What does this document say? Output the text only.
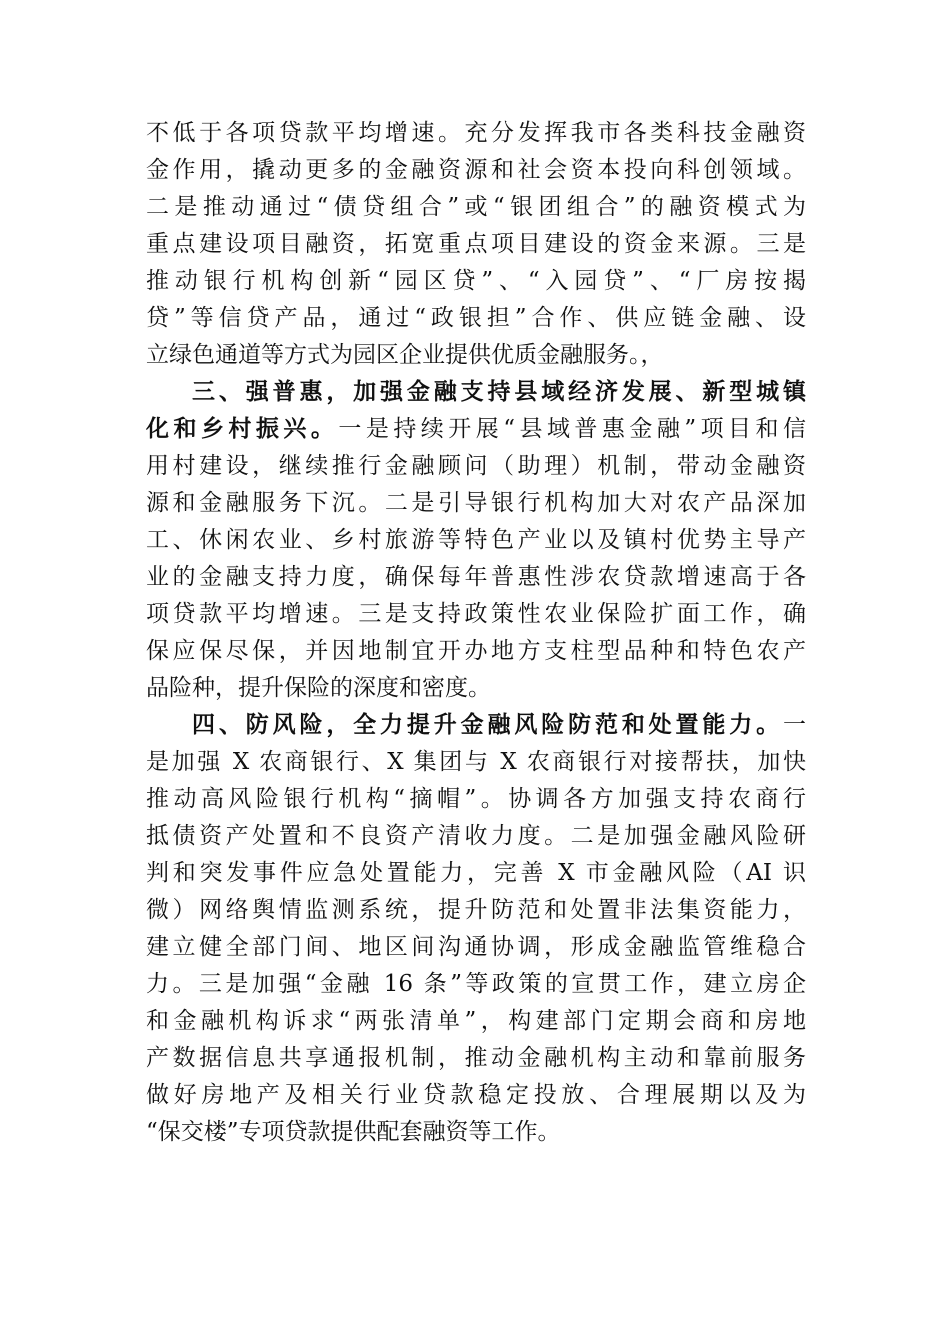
不低于各项贷款平均增速。充分发挥我市各类科技金融资
金作用，撬动更多的金融资源和社会资本投向科创领域。
二是推动通过“债贷组合”或“银团组合”的融资模式为
重点建设项目融资，拓宽重点项目建设的资金来源。三是
推动银行机构创新“园区贷”、“入园贷”、“厂房按揭
贷”等信贷产品，通过“政银担”合作、供应链金融、设
立绿色通道等方式为园区企业提供优质金融服务。，
三、强普惠，加强金融支持县域经济发展、新型城镇
化和乡村振兴。一是持续开展“县域普惠金融”项目和信
用村建设，继续推行金融顾问（助理）机制，带动金融资
源和金融服务下沉。二是引导银行机构加大对农产品深加
工、休闲农业、乡村旅游等特色产业以及镇村优势主导产
业的金融支持力度，确保每年普惠性涉农贷款增速高于各
项贷款平均增速。三是支持政策性农业保险扩面工作，确
保应保尽保，并因地制宜开办地方支柱型品种和特色农产
品险种，提升保险的深度和密度。
四、防风险，全力提升金融风险防范和处置能力。一
是加强 X 农商银行、X 集团与 X 农商银行对接帮扶，加快
推动高风险银行机构“摘帽”。协调各方加强支持农商行
抵债资产处置和不良资产清收力度。二是加强金融风险研
判和突发事件应急处置能力，完善 X 市金融风险（AI 识
微）网络舆情监测系统，提升防范和处置非法集资能力，
建立健全部门间、地区间沟通协调，形成金融监管维稳合
力。三是加强“金融 16 条”等政策的宣贯工作，建立房企
和金融机构诉求“两张清单”，构建部门定期会商和房地
产数据信息共享通报机制，推动金融机构主动和靠前服务
做好房地产及相关行业贷款稳定投放、合理展期以及为
“保交楼”专项贷款提供配套融资等工作。
